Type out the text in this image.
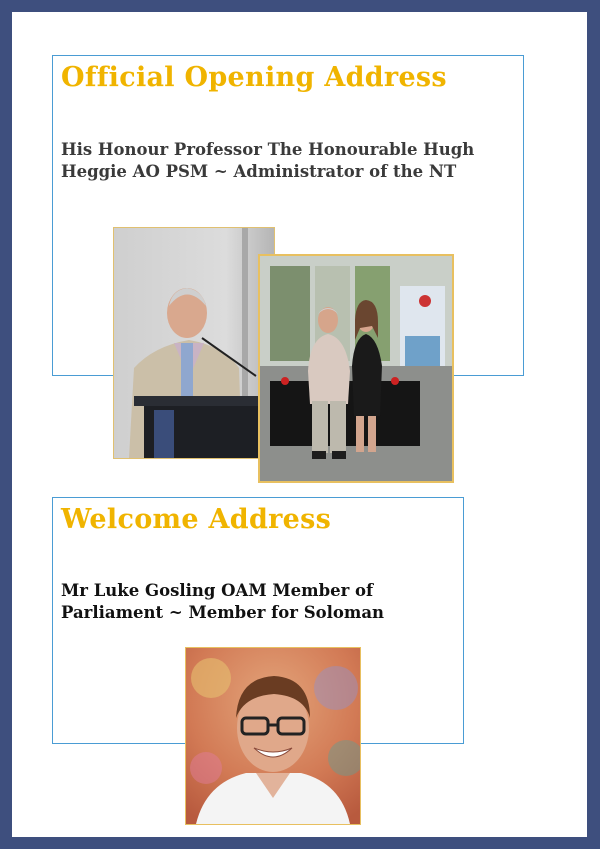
Official Opening Address

His Honour Professor The Honourable Hugh Heggie AO PSM ~ Administrator of the NT

Welcome Address

Mr Luke Gosling OAM Member of Parliament ~ Member for Soloman
